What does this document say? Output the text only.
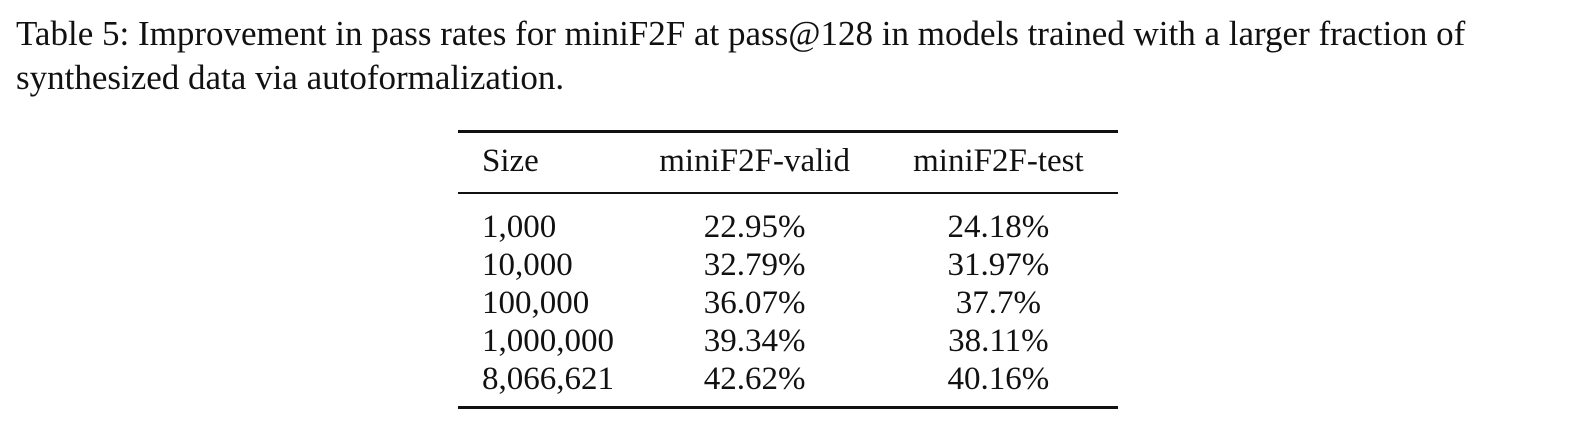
Table 5: Improvement in pass rates for miniF2F at pass@128 in models trained with a larger fraction of synthesized data via autoformalization.

Size	miniF2F-valid	miniF2F-test
1,000	22.95%	24.18%
10,000	32.79%	31.97%
100,000	36.07%	37.7%
1,000,000	39.34%	38.11%
8,066,621	42.62%	40.16%
